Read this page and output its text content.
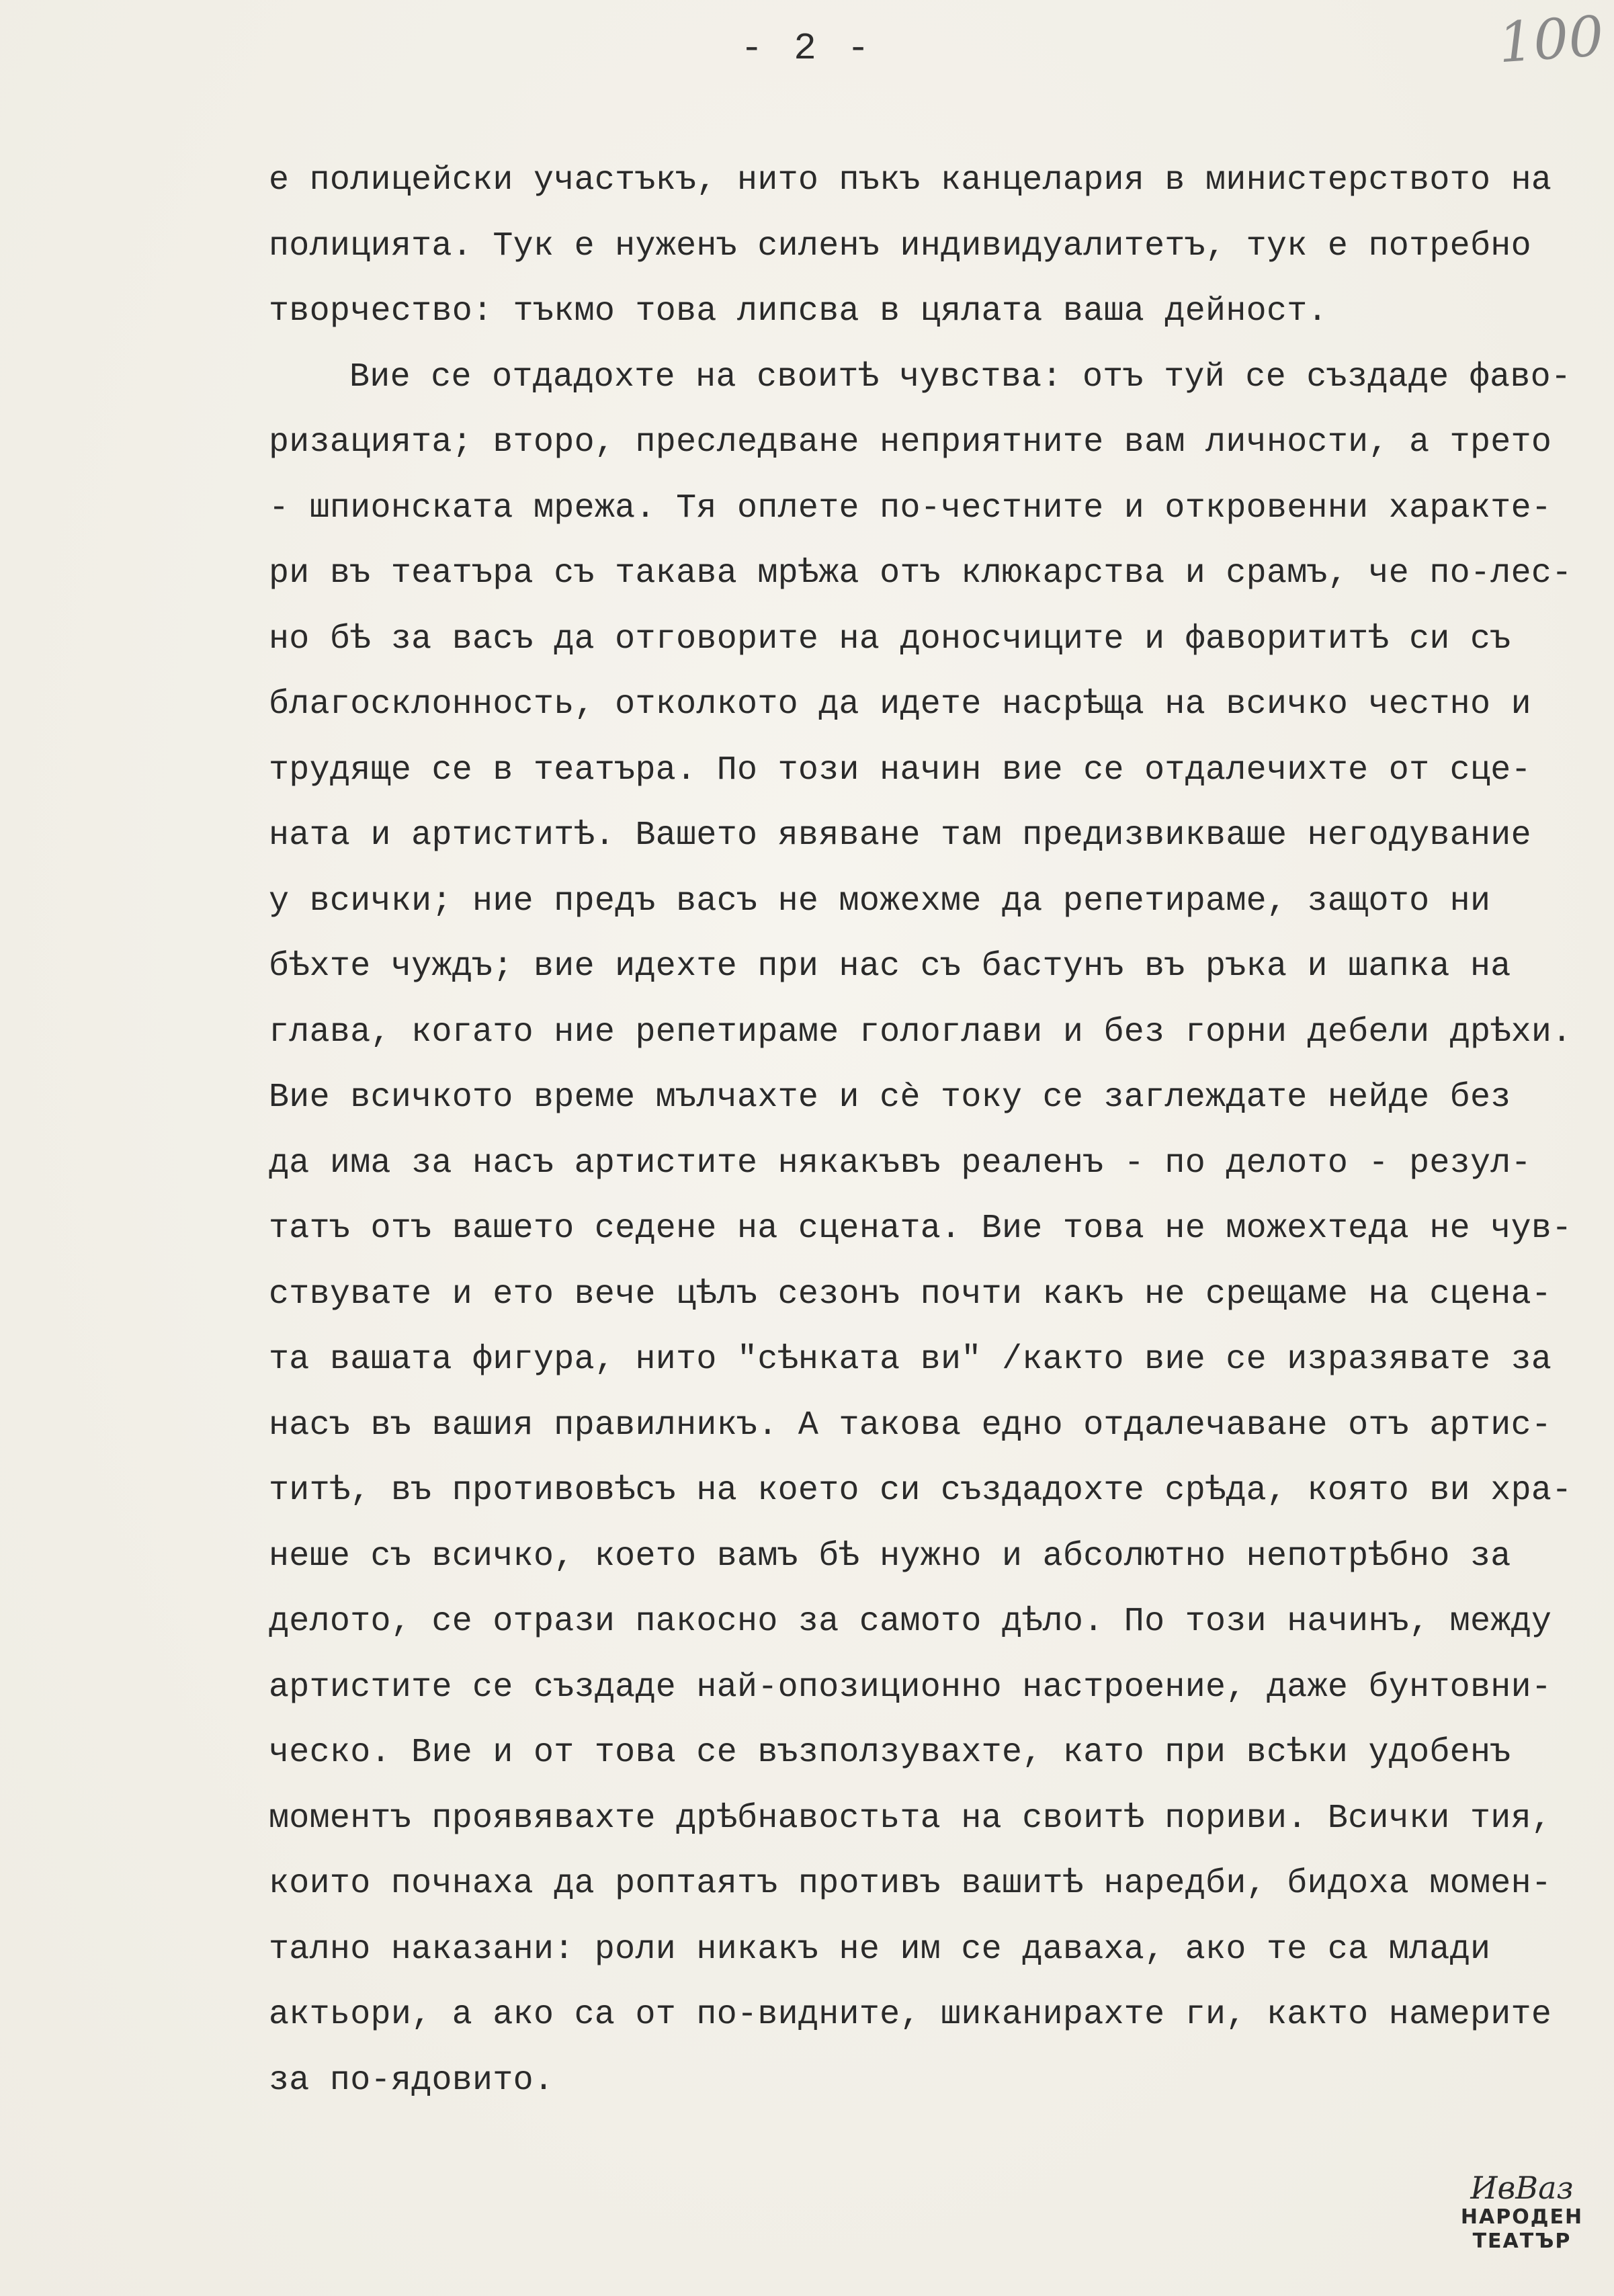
- 2 -	100
е полицейски участъкъ, нито пъкъ канцелария в министерството на
полицията. Тук е нуженъ силенъ индивидуалитетъ, тук е потребно
творчество: тъкмо това липсва в цялата ваша дейност.
Вие се отдадохте на своитѣ чувства: отъ туй се създаде фаво-
ризацията; второ, преследване неприятните вам личности, а трето
- шпионската мрежа. Тя оплете по-честните и откровенни характе-
ри въ театъра съ такава мрѣжа отъ клюкарства и срамъ, че по-лес-
но бѣ за васъ да отговорите на доносчиците и фаворититѣ си съ
благосклонность, отколкото да идете насрѣща на всичко честно и
трудяще се в театъра. По този начин вие се отдалечихте от сце-
ната и артиститѣ. Вашето явяване там предизвикваше негодувание
у всички; ние предъ васъ не можехме да репетираме, защото ни
бѣхте чуждъ; вие идехте при нас съ бастунъ въ ръка и шапка на
глава, когато ние репетираме гологлави и без горни дебели дрѣхи.
Вие всичкото време мълчахте и сѐ току се заглеждате нейде без
да има за насъ артистите някакъвъ реаленъ - по делото - резул-
татъ отъ вашето седене на сцената. Вие това не можехтеда не чув-
ствувате и ето вече цѣлъ сезонъ почти какъ не срещаме на сцена-
та вашата фигура, нито "сѣнката ви" /както вие се изразявате за
насъ въ вашия правилникъ. А такова едно отдалечаване отъ артис-
титѣ, въ противовѣсъ на което си създадохте срѣда, която ви хра-
неше съ всичко, което вамъ бѣ нужно и абсолютно непотрѣбно за
делото, се отрази пакосно за самото дѣло. По този начинъ, между
артистите се създаде най-опозиционно настроение, даже бунтовни-
ческо. Вие и от това се възползувахте, като при всѣки удобенъ
моментъ проявявахте дрѣбнавостьта на своитѣ пориви. Всички тия,
които почнаха да роптаятъ противъ вашитѣ наредби, бидоха момен-
тално наказани: роли никакъ не им се даваха, ако те са млади
актьори, а ако са от по-видните, шиканирахте ги, както намерите
за по-ядовито.
ИвВаз
НАРОДЕН
ТЕАТЪР
